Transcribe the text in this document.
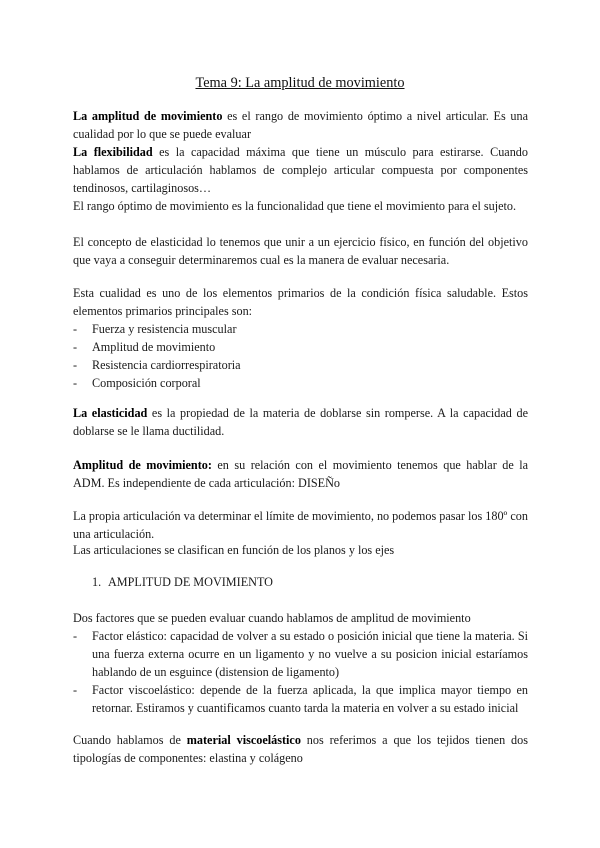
Tema 9: La amplitud de movimiento

La amplitud de movimiento es el rango de movimiento óptimo a nivel articular. Es una cualidad por lo que se puede evaluar

La flexibilidad es la capacidad máxima que tiene un músculo para estirarse. Cuando hablamos de articulación hablamos de complejo articular compuesta por componentes tendinosos, cartilaginosos…

El rango óptimo de movimiento es la funcionalidad que tiene el movimiento para el sujeto.

El concepto de elasticidad lo tenemos que unir a un ejercicio físico, en función del objetivo que vaya a conseguir determinaremos cual es la manera de evaluar necesaria.

Esta cualidad es uno de los elementos primarios de la condición física saludable. Estos elementos primarios principales son:

- Fuerza y resistencia muscular
- Amplitud de movimiento
- Resistencia cardiorrespiratoria
- Composición corporal

La elasticidad es la propiedad de la materia de doblarse sin romperse. A la capacidad de doblarse se le llama ductilidad.

Amplitud de movimiento: en su relación con el movimiento tenemos que hablar de la ADM. Es independiente de cada articulación: DISEÑo

La propia articulación va determinar el límite de movimiento, no podemos pasar los 180º con una articulación.

Las articulaciones se clasifican en función de los planos y los ejes

1. AMPLITUD DE MOVIMIENTO

Dos factores que se pueden evaluar cuando hablamos de amplitud de movimiento

- Factor elástico: capacidad de volver a su estado o posición inicial que tiene la materia. Si una fuerza externa ocurre en un ligamento y no vuelve a su posicion inicial estaríamos hablando de un esguince (distension de ligamento)
- Factor viscoelástico: depende de la fuerza aplicada, la que implica mayor tiempo en retornar. Estiramos y cuantificamos cuanto tarda la materia en volver a su estado inicial

Cuando hablamos de material viscoelástico nos referimos a que los tejidos tienen dos tipologías de componentes: elastina y colágeno
